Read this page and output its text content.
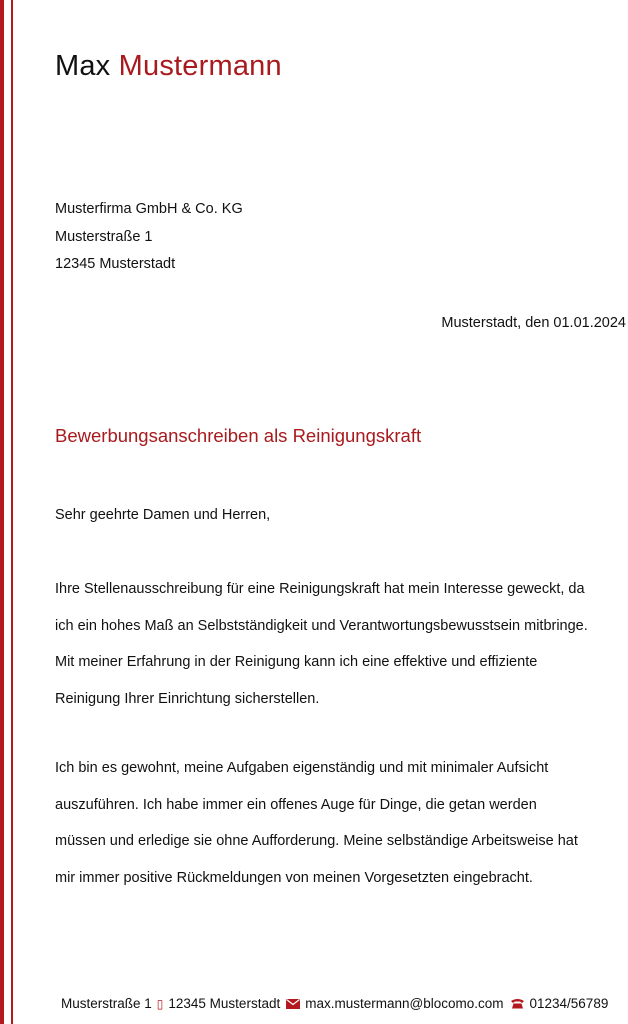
Max Mustermann
Musterfirma GmbH & Co. KG
Musterstraße 1
12345 Musterstadt
Musterstadt, den 01.01.2024
Bewerbungsanschreiben als Reinigungskraft
Sehr geehrte Damen und Herren,
Ihre Stellenausschreibung für eine Reinigungskraft hat mein Interesse geweckt, da
ich ein hohes Maß an Selbstständigkeit und Verantwortungsbewusstsein mitbringe.
Mit meiner Erfahrung in der Reinigung kann ich eine effektive und effiziente
Reinigung Ihrer Einrichtung sicherstellen.
Ich bin es gewohnt, meine Aufgaben eigenständig und mit minimaler Aufsicht
auszuführen. Ich habe immer ein offenes Auge für Dinge, die getan werden
müssen und erledige sie ohne Aufforderung. Meine selbständige Arbeitsweise hat
mir immer positive Rückmeldungen von meinen Vorgesetzten eingebracht.
Musterstraße 1 ▯ 12345 Musterstadt max.mustermann@blocomo.com 01234/56789
